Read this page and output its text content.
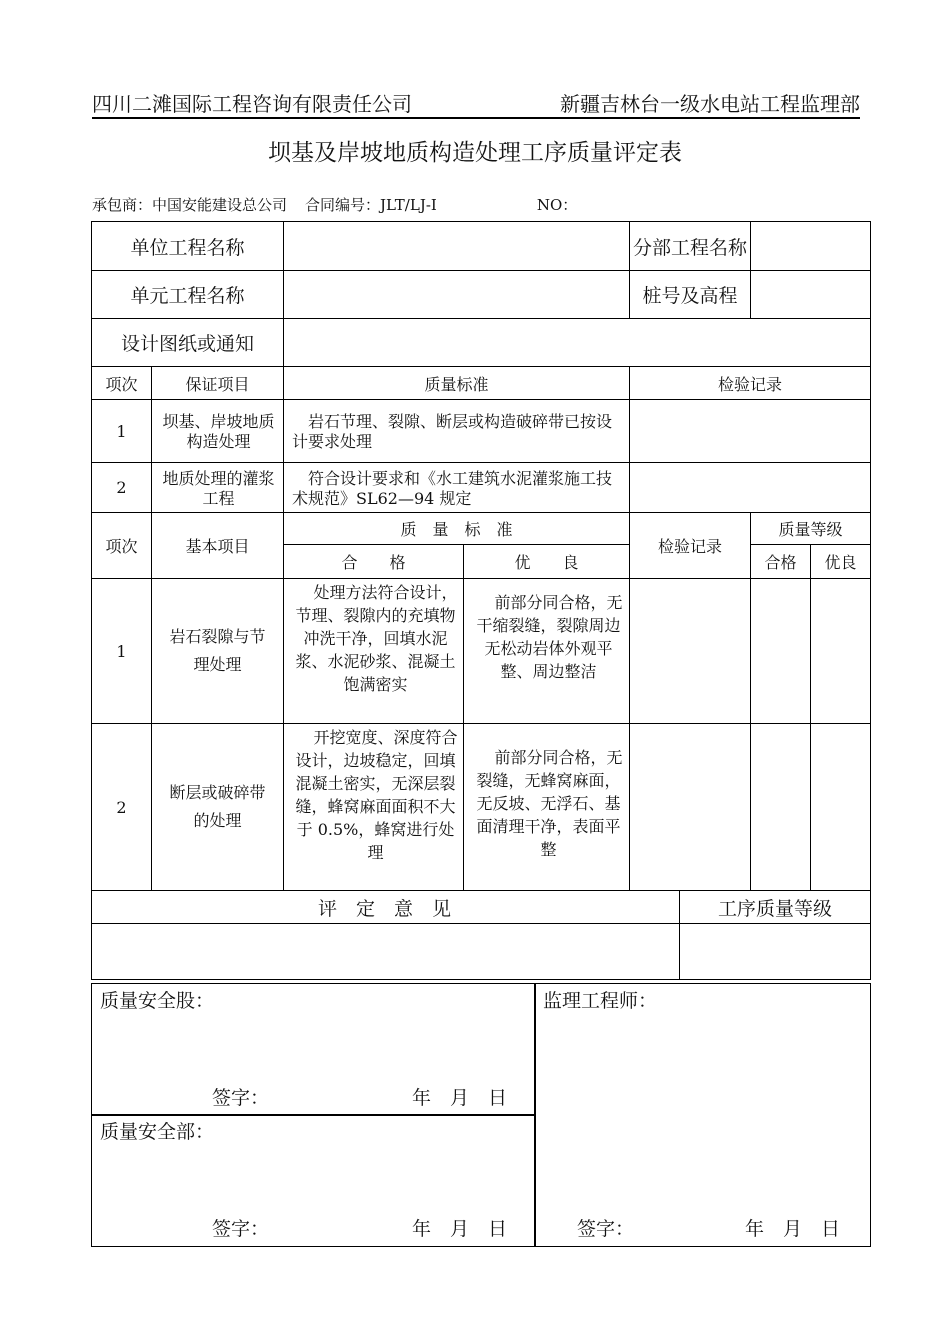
四川二滩国际工程咨询有限责任公司	新疆吉林台一级水电站工程监理部
坝基及岸坡地质构造处理工序质量评定表
承包商：中国安能建设总公司 合同编号：JLT/LJ-I	NO：
单位工程名称				分部工程名称			
单元工程名称				桩号及高程			
设计图纸或通知							
项次	保证项目	质量标准		检验记录			
1	坝基、岸坡地质构造处理	岩石节理、裂隙、断层或构造破碎带已按设计要求处理					
2	地质处理的灌浆工程	符合设计要求和《水工建筑水泥灌浆施工技术规范》SL62—94 规定					
项次	基本项目	质　量　标　准		检验记录		质量等级	
		合　　格	优　　良			合格	优良
1	岩石裂隙与节理处理	处理方法符合设计，节理、裂隙内的充填物冲洗干净，回填水泥浆、水泥砂浆、混凝土饱满密实	前部分同合格，无干缩裂缝，裂隙周边无松动岩体外观平整、周边整洁				
2	断层或破碎带的处理	开挖宽度、深度符合设计，边坡稳定，回填混凝土密实，无深层裂缝，蜂窝麻面面积不大于 0.5%，蜂窝进行处理	前部分同合格，无裂缝，无蜂窝麻面，无反坡、无浮石、基面清理干净，表面平整				
评　定　意　见					工序质量等级		

质量安全股：
签字：	年　月　日
质量安全部：
签字：	年　月　日
监理工程师：
签字：	年　月　日
